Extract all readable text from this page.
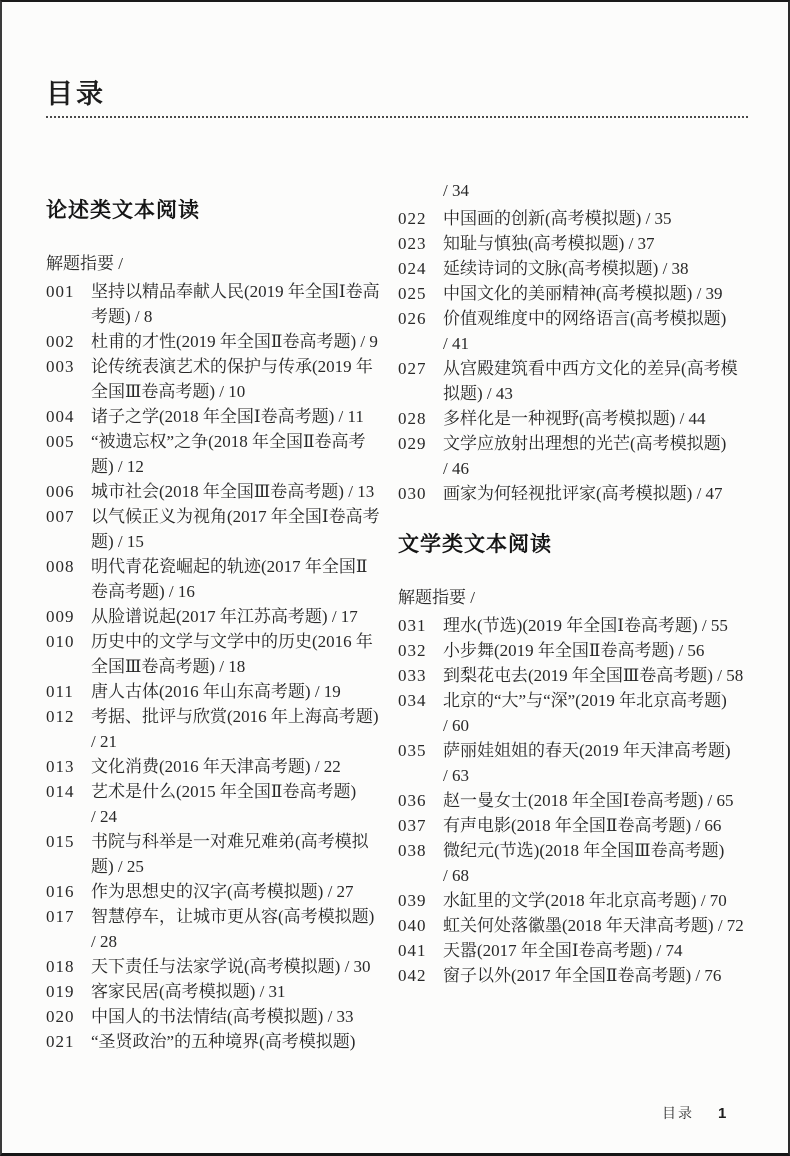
目录
论述类文本阅读
解题指要 /
001 坚持以精品奉献人民(2019 年全国Ⅰ卷高考题) / 8
002 杜甫的才性(2019 年全国Ⅱ卷高考题) / 9
003 论传统表演艺术的保护与传承(2019 年全国Ⅲ卷高考题) / 10
004 诸子之学(2018 年全国Ⅰ卷高考题) / 11
005 “被遗忘权”之争(2018 年全国Ⅱ卷高考题) / 12
006 城市社会(2018 年全国Ⅲ卷高考题) / 13
007 以气候正义为视角(2017 年全国Ⅰ卷高考题) / 15
008 明代青花瓷崛起的轨迹(2017 年全国Ⅱ卷高考题) / 16
009 从脸谱说起(2017 年江苏高考题) / 17
010 历史中的文学与文学中的历史(2016 年全国Ⅲ卷高考题) / 18
011	唐人古体(2016 年山东高考题) / 19
012 考据、批评与欣赏(2016 年上海高考题) / 21
013 文化消费(2016 年天津高考题) / 22
014 艺术是什么(2015 年全国Ⅱ卷高考题) / 24
015 书院与科举是一对难兄难弟(高考模拟题) / 25
016 作为思想史的汉字(高考模拟题) / 27
017 智慧停车，让城市更从容(高考模拟题) / 28
018 天下责任与法家学说(高考模拟题) / 30
019 客家民居(高考模拟题) / 31
020 中国人的书法情结(高考模拟题) / 33
021 “圣贤政治”的五种境界(高考模拟题)
/ 34
022 中国画的创新(高考模拟题) / 35
023 知耻与慎独(高考模拟题) / 37
024 延续诗词的文脉(高考模拟题) / 38
025 中国文化的美丽精神(高考模拟题) / 39
026 价值观维度中的网络语言(高考模拟题) / 41
027 从宫殿建筑看中西方文化的差异(高考模拟题) / 43
028 多样化是一种视野(高考模拟题) / 44
029 文学应放射出理想的光芒(高考模拟题) / 46
030 画家为何轻视批评家(高考模拟题) / 47
文学类文本阅读
解题指要 /
031 理水(节选)(2019 年全国Ⅰ卷高考题) / 55
032 小步舞(2019 年全国Ⅱ卷高考题) / 56
033 到梨花屯去(2019 年全国Ⅲ卷高考题) / 58
034 北京的“大”与“深”(2019 年北京高考题) / 60
035 萨丽娃姐姐的春天(2019 年天津高考题) / 63
036 赵一曼女士(2018 年全国Ⅰ卷高考题) / 65
037 有声电影(2018 年全国Ⅱ卷高考题) / 66
038 微纪元(节选)(2018 年全国Ⅲ卷高考题) / 68
039 水缸里的文学(2018 年北京高考题) / 70
040 虹关何处落徽墨(2018 年天津高考题) / 72
041 天嚣(2017 年全国Ⅰ卷高考题) / 74
042 窗子以外(2017 年全国Ⅱ卷高考题) / 76
目录 1
